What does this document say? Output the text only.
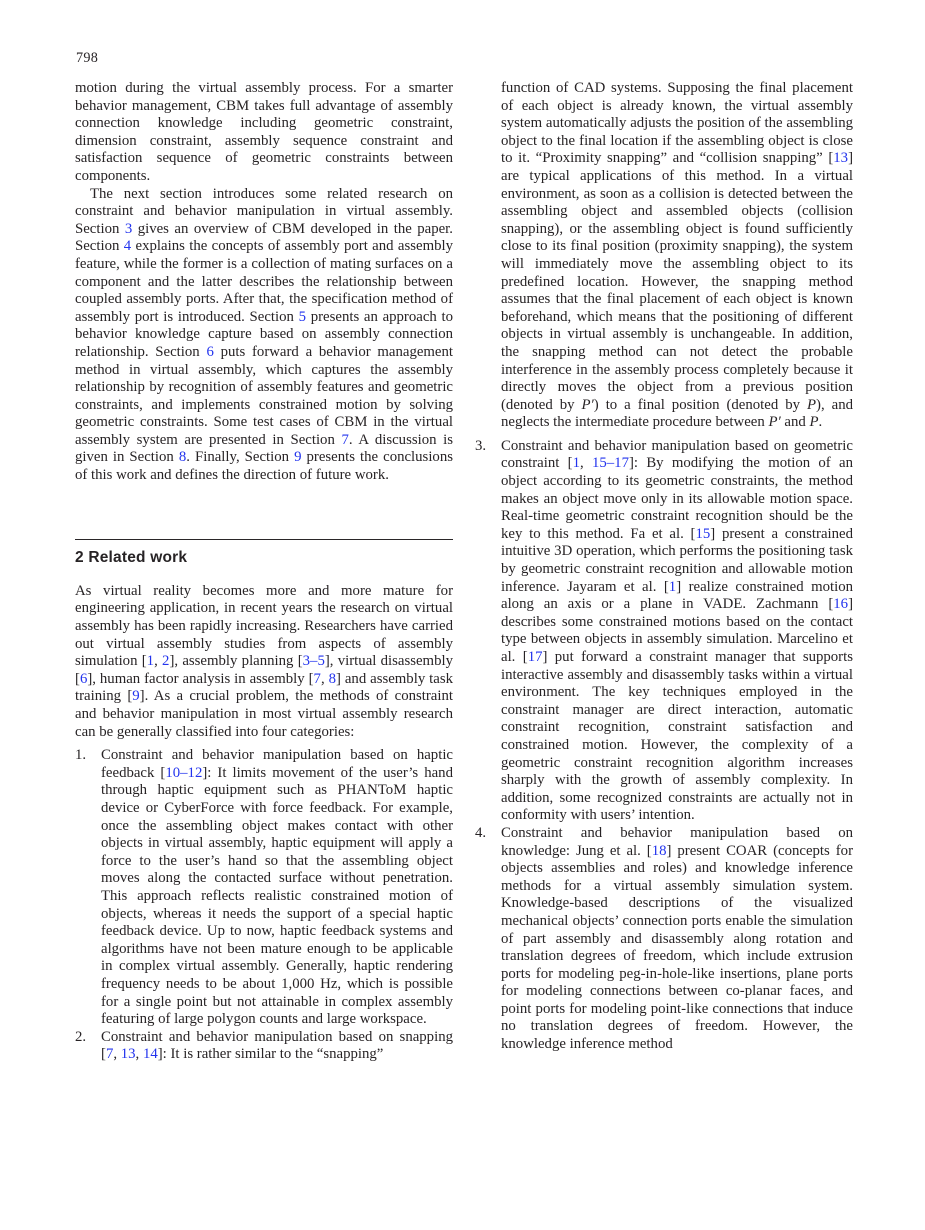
798

motion during the virtual assembly process. For a smarter behavior management, CBM takes full advantage of assembly connection knowledge including geometric constraint, dimension constraint, assembly sequence constraint and satisfaction sequence of geometric constraints between components.

The next section introduces some related research on constraint and behavior manipulation in virtual assembly. Section 3 gives an overview of CBM developed in the paper. Section 4 explains the concepts of assembly port and assembly feature, while the former is a collection of mating surfaces on a component and the latter describes the relationship between coupled assembly ports. After that, the specification method of assembly port is introduced. Section 5 presents an approach to behavior knowledge capture based on assembly connection relationship. Section 6 puts forward a behavior management method in virtual assembly, which captures the assembly relationship by recognition of assembly features and geometric constraints, and implements constrained motion by solving geometric constraints. Some test cases of CBM in the virtual assembly system are presented in Section 7. A discussion is given in Section 8. Finally, Section 9 presents the conclusions of this work and defines the direction of future work.

2 Related work

As virtual reality becomes more and more mature for engineering application, in recent years the research on virtual assembly has been rapidly increasing. Researchers have carried out virtual assembly studies from aspects of assembly simulation [1, 2], assembly planning [3–5], virtual disassembly [6], human factor analysis in assembly [7, 8] and assembly task training [9]. As a crucial problem, the methods of constraint and behavior manipulation in most virtual assembly research can be generally classified into four categories:

1. Constraint and behavior manipulation based on haptic feedback [10–12]: It limits movement of the user’s hand through haptic equipment such as PHANToM haptic device or CyberForce with force feedback. For example, once the assembling object makes contact with other objects in virtual assembly, haptic equipment will apply a force to the user’s hand so that the assembling object moves along the contacted surface without penetration. This approach reflects realistic constrained motion of objects, whereas it needs the support of a special haptic feedback device. Up to now, haptic feedback systems and algorithms have not been mature enough to be applicable in complex virtual assembly. Generally, haptic rendering frequency needs to be about 1,000 Hz, which is possible for a single point but not attainable in complex assembly featuring of large polygon counts and large workspace.
2. Constraint and behavior manipulation based on snapping [7, 13, 14]: It is rather similar to the “snapping”
function of CAD systems. Supposing the final placement of each object is already known, the virtual assembly system automatically adjusts the position of the assembling object to the final location if the assembling object is close to it. “Proximity snapping” and “collision snapping” [13] are typical applications of this method. In a virtual environment, as soon as a collision is detected between the assembling object and assembled objects (collision snapping), or the assembling object is found sufficiently close to its final position (proximity snapping), the system will immediately move the assembling object to its predefined location. However, the snapping method assumes that the final placement of each object is known beforehand, which means that the positioning of different objects in virtual assembly is unchangeable. In addition, the snapping method can not detect the probable interference in the assembly process completely because it directly moves the object from a previous position (denoted by P′) to a final position (denoted by P), and neglects the intermediate procedure between P′ and P.
3. Constraint and behavior manipulation based on geometric constraint [1, 15–17]: By modifying the motion of an object according to its geometric constraints, the method makes an object move only in its allowable motion space. Real-time geometric constraint recognition should be the key to this method. Fa et al. [15] present a constrained intuitive 3D operation, which performs the positioning task by geometric constraint recognition and allowable motion inference. Jayaram et al. [1] realize constrained motion along an axis or a plane in VADE. Zachmann [16] describes some constrained motions based on the contact type between objects in assembly simulation. Marcelino et al. [17] put forward a constraint manager that supports interactive assembly and disassembly tasks within a virtual environment. The key techniques employed in the constraint manager are direct interaction, automatic constraint recognition, constraint satisfaction and constrained motion. However, the complexity of a geometric constraint recognition algorithm increases sharply with the growth of assembly complexity. In addition, some recognized constraints are actually not in conformity with users’ intention.
4. Constraint and behavior manipulation based on knowledge: Jung et al. [18] present COAR (concepts for objects assemblies and roles) and knowledge inference methods for a virtual assembly simulation system. Knowledge-based descriptions of the visualized mechanical objects’ connection ports enable the simulation of part assembly and disassembly along rotation and translation degrees of freedom, which include extrusion ports for modeling peg-in-hole-like insertions, plane ports for modeling connections between co-planar faces, and point ports for modeling point-like connections that induce no translation degrees of freedom. However, the knowledge inference method
